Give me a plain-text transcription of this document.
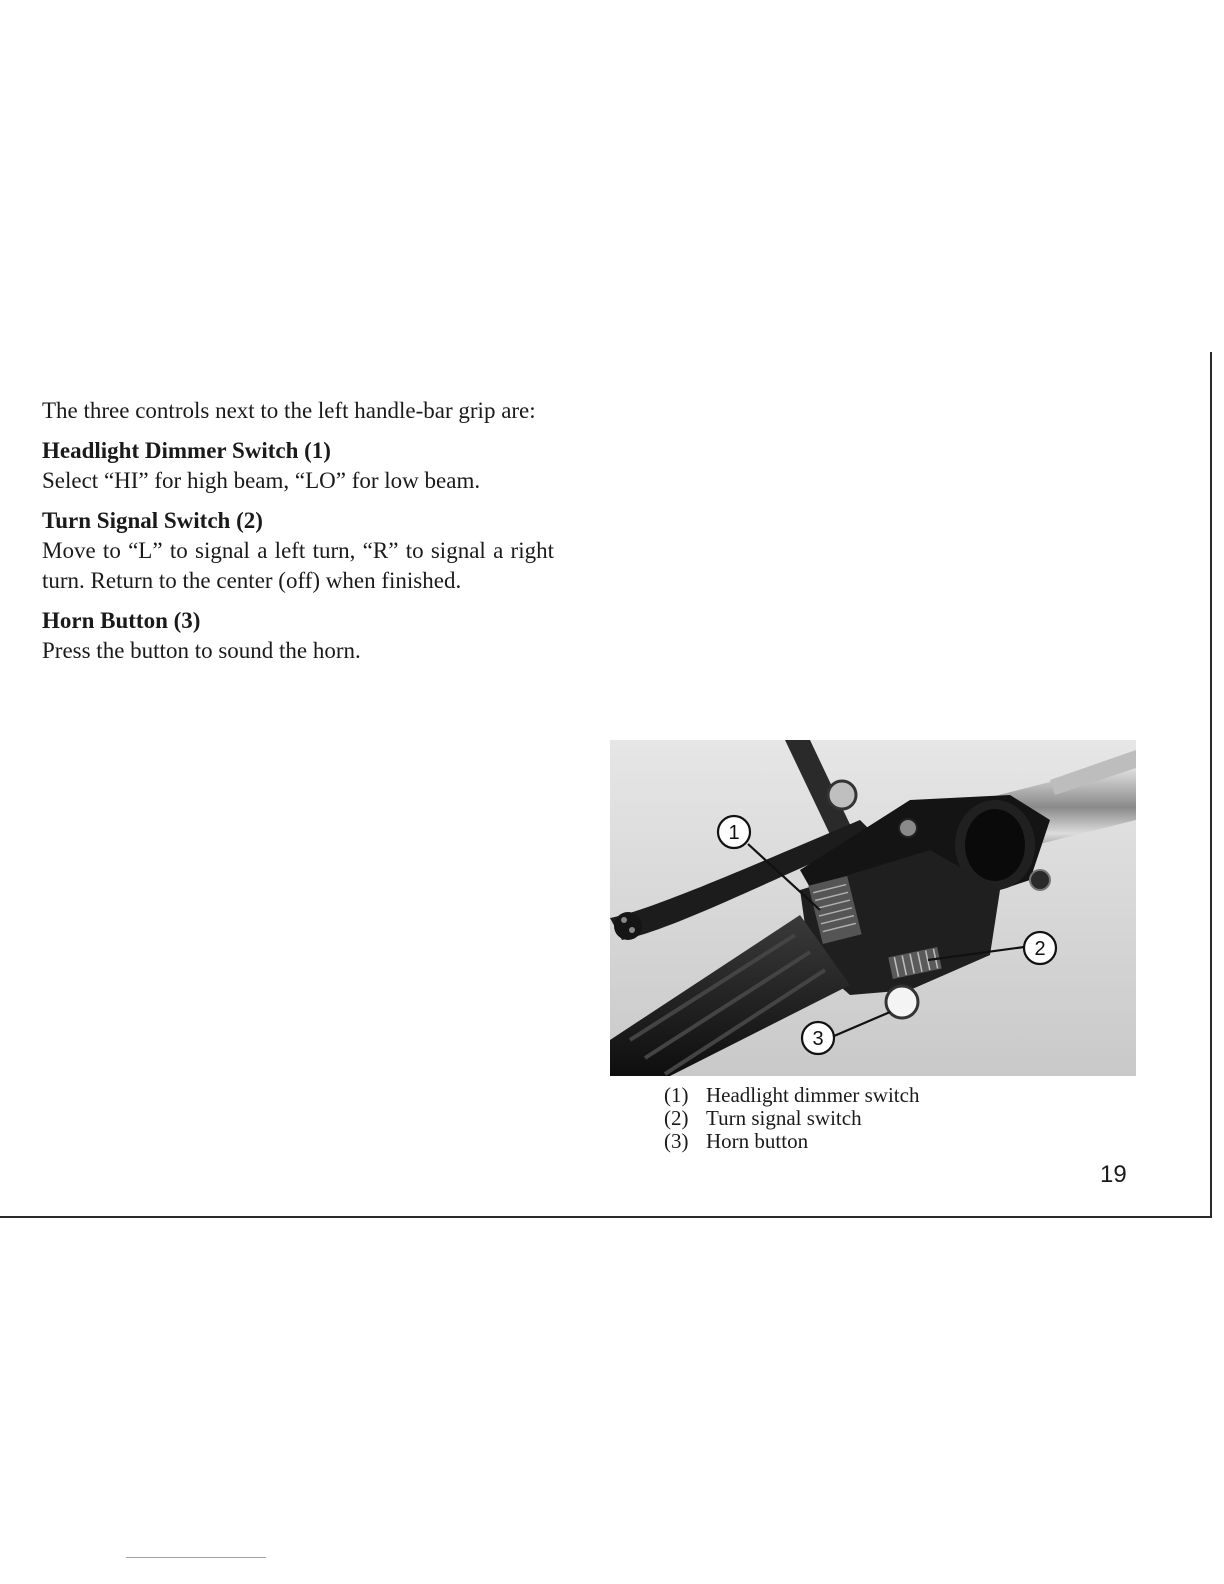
The three controls next to the left handle-bar grip are:

Headlight Dimmer Switch (1)

Select “HI” for high beam, “LO” for low beam.

Turn Signal Switch (2)

Move to “L” to signal a left turn, “R” to signal a right turn. Return to the center (off) when finished.

Horn Button (3)

Press the button to sound the horn.

1
2
3
(1) Headlight dimmer switch
(2) Turn signal switch
(3) Horn button
19
